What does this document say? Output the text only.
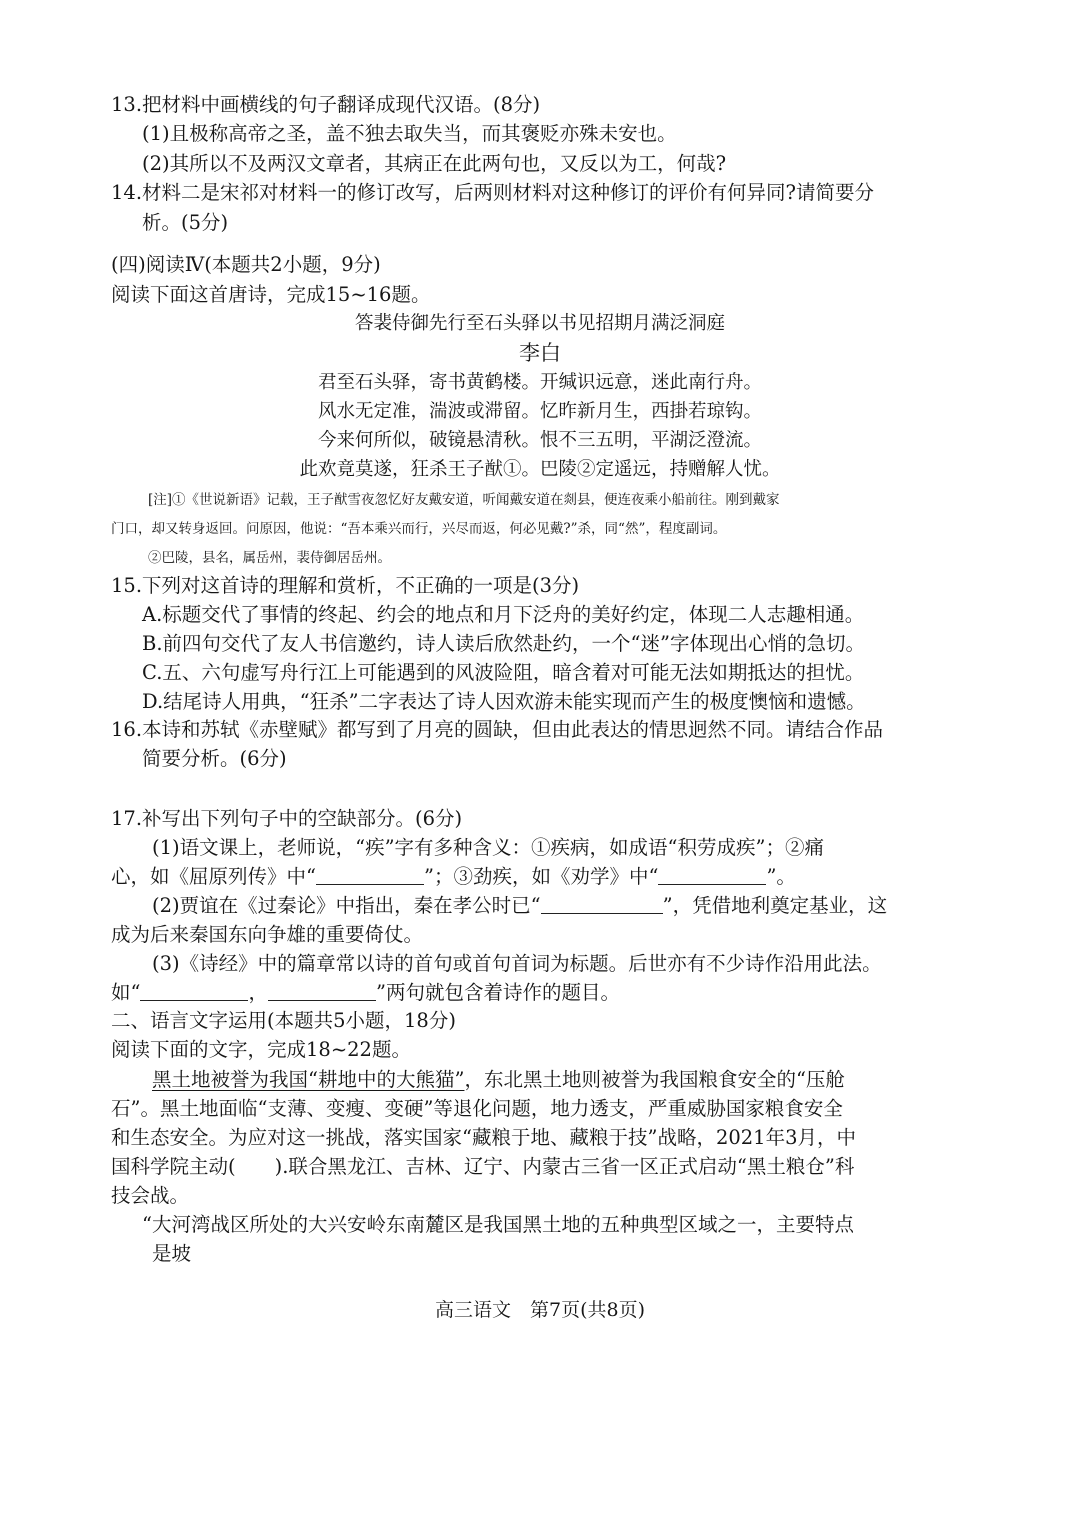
13.把材料中画横线的句子翻译成现代汉语。(8分)
(1)且极称高帝之圣，盖不独去取失当，而其褒贬亦殊未安也。
(2)其所以不及两汉文章者，其病正在此两句也，又反以为工，何哉?
14.材料二是宋祁对材料一的修订改写，后两则材料对这种修订的评价有何异同?请简要分
析。(5分)
(四)阅读Ⅳ(本题共2小题，9分)
阅读下面这首唐诗，完成15~16题。
答裴侍御先行至石头驿以书见招期月满泛洞庭
李白
君至石头驿，寄书黄鹤楼。开缄识远意，迷此南行舟。
风水无定准，湍波或滞留。忆昨新月生，西掛若琼钩。
今来何所似，破镜悬清秋。恨不三五明，平湖泛澄流。
此欢竟莫遂，狂杀王子猷①。巴陵②定遥远，持赠解人忧。
[注]①《世说新语》记载，王子猷雪夜忽忆好友戴安道，听闻戴安道在剡县，便连夜乘小船前往。刚到戴家
门口，却又转身返回。问原因，他说：“吾本乘兴而行，兴尽而返，何必见戴?”杀，同“然”，程度副词。
②巴陵，县名，属岳州，裴侍御居岳州。
15.下列对这首诗的理解和赏析，不正确的一项是(3分)
A.标题交代了事情的终起、约会的地点和月下泛舟的美好约定，体现二人志趣相通。
B.前四句交代了友人书信邀约，诗人读后欣然赴约，一个“迷”字体现出心悄的急切。
C.五、六句虚写舟行江上可能遇到的风波险阻，暗含着对可能无法如期抵达的担忧。
D.结尾诗人用典，“狂杀”二字表达了诗人因欢游未能实现而产生的极度懊恼和遗憾。
16.本诗和苏轼《赤壁赋》都写到了月亮的圆缺，但由此表达的情思迥然不同。请结合作品
简要分析。(6分)
17.补写出下列句子中的空缺部分。(6分)
(1)语文课上，老师说，“疾”字有多种含义：①疾病，如成语“积劳成疾”；②痛
心，如《屈原列传》中“	”；③劲疾，如《劝学》中“	”。
(2)贾谊在《过秦论》中指出，秦在孝公时已“	”，凭借地利奠定基业，这
成为后来秦国东向争雄的重要倚仗。
(3)《诗经》中的篇章常以诗的首句或首句首词为标题。后世亦有不少诗作沿用此法。
如“	，	”两句就包含着诗作的题目。
二、语言文字运用(本题共5小题，18分)
阅读下面的文字，完成18~22题。
黑土地被誉为我国“耕地中的大熊猫”，东北黑土地则被誉为我国粮食安全的“压舱
石”。黑土地面临“支薄、变瘦、变硬”等退化问题，地力透支，严重威胁国家粮食安全
和生态安全。为应对这一挑战，落实国家“藏粮于地、藏粮于技”战略，2021年3月，中
国科学院主动(　　).联合黑龙江、吉林、辽宁、内蒙古三省一区正式启动“黑土粮仓”科
技会战。
“大河湾战区所处的大兴安岭东南麓区是我国黑土地的五种典型区域之一，主要特点
是坡
高三语文　第7页(共8页)
